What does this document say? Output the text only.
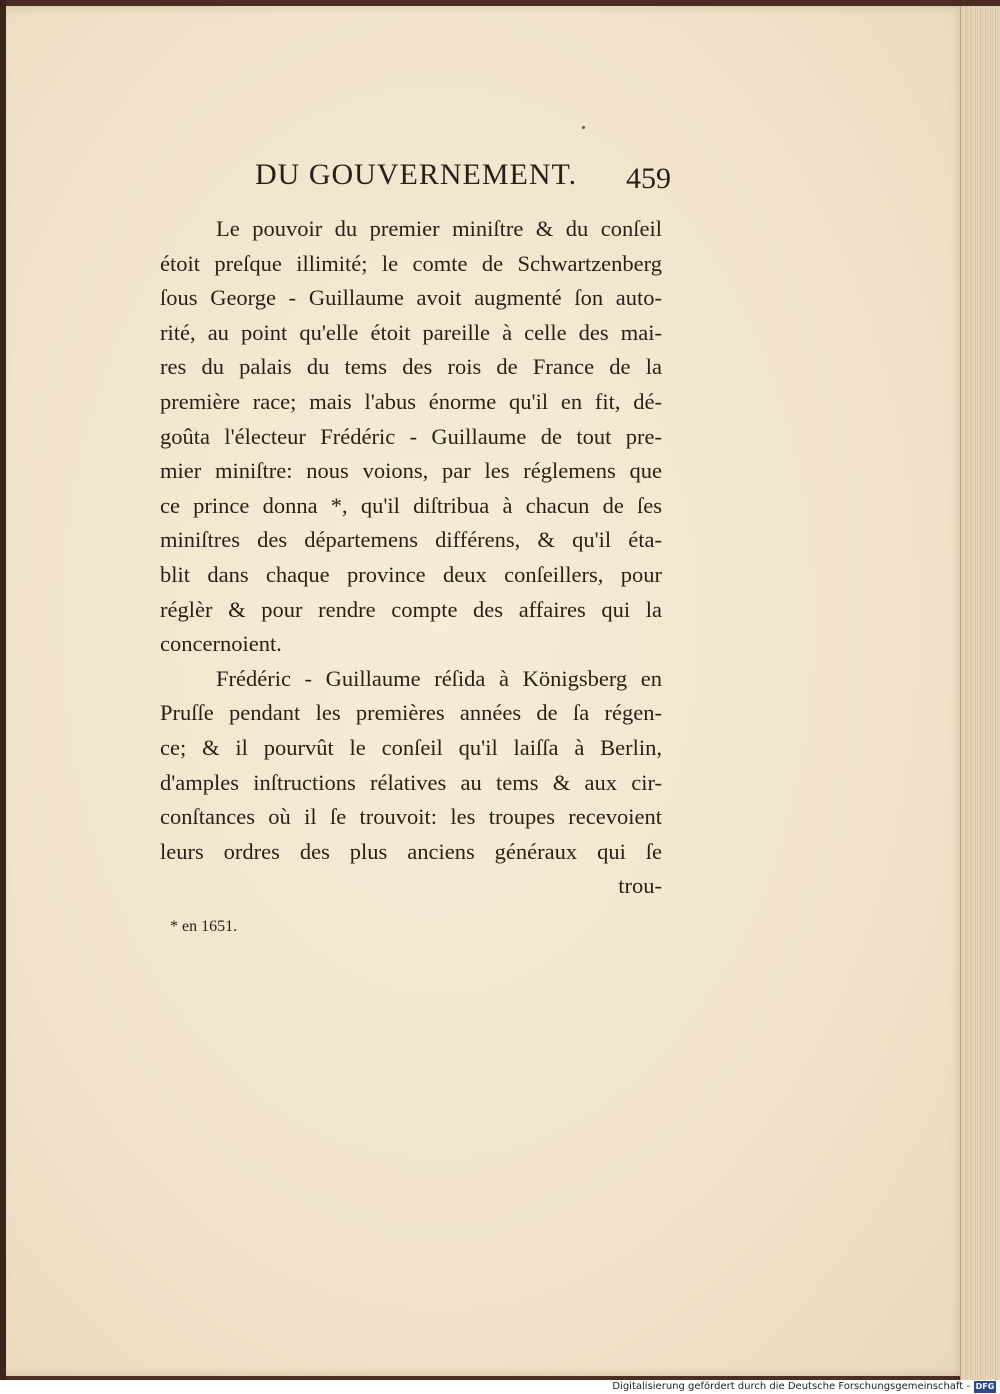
DU GOUVERNEMENT. 459
Le pouvoir du premier miniſtre & du conſeil
étoit preſque illimité; le comte de Schwartzenberg
ſous George - Guillaume avoit augmenté ſon auto-
rité, au point qu'elle étoit pareille à celle des mai-
res du palais du tems des rois de France de la
première race; mais l'abus énorme qu'il en fit, dé-
goûta l'électeur Frédéric - Guillaume de tout pre-
mier miniſtre: nous voions, par les réglemens que
ce prince donna *, qu'il diſtribua à chacun de ſes
miniſtres des départemens différens, & qu'il éta-
blit dans chaque province deux conſeillers, pour
réglèr & pour rendre compte des affaires qui la
concernoient.
Frédéric - Guillaume réſida à Königsberg en
Pruſſe pendant les premières années de ſa régen-
ce; & il pourvût le conſeil qu'il laiſſa à Berlin,
d'amples inſtructions rélatives au tems & aux cir-
conſtances où il ſe trouvoit: les troupes recevoient
leurs ordres des plus anciens généraux qui ſe
trou-
* en 1651.
Digitalisierung gefördert durch die Deutsche Forschungsgemeinschaft - DFG
